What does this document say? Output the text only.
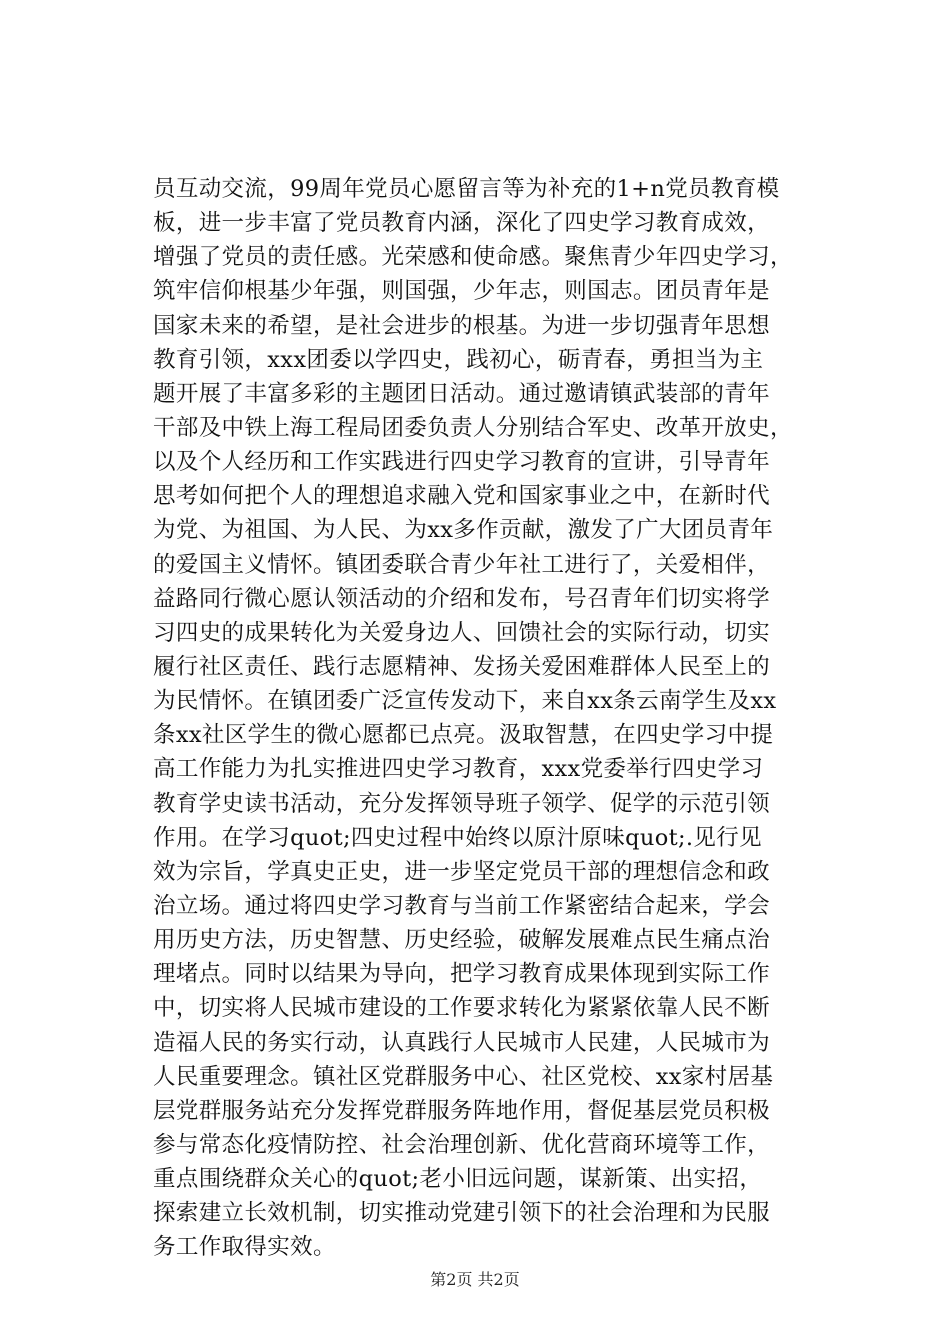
员互动交流，99周年党员心愿留言等为补充的1+n党员教育模
板，进一步丰富了党员教育内涵，深化了四史学习教育成效，
增强了党员的责任感。光荣感和使命感。聚焦青少年四史学习，
筑牢信仰根基少年强，则国强，少年志，则国志。团员青年是
国家未来的希望，是社会进步的根基。为进一步切强青年思想
教育引领，xxx团委以学四史，践初心，砺青春，勇担当为主
题开展了丰富多彩的主题团日活动。通过邀请镇武装部的青年
干部及中铁上海工程局团委负责人分别结合军史、改革开放史，
以及个人经历和工作实践进行四史学习教育的宣讲，引导青年
思考如何把个人的理想追求融入党和国家事业之中，在新时代
为党、为祖国、为人民、为xx多作贡献，激发了广大团员青年
的爱国主义情怀。镇团委联合青少年社工进行了，关爱相伴，
益路同行微心愿认领活动的介绍和发布，号召青年们切实将学
习四史的成果转化为关爱身边人、回馈社会的实际行动，切实
履行社区责任、践行志愿精神、发扬关爱困难群体人民至上的
为民情怀。在镇团委广泛宣传发动下，来自xx条云南学生及xx
条xx社区学生的微心愿都已点亮。汲取智慧，在四史学习中提
高工作能力为扎实推进四史学习教育，xxx党委举行四史学习
教育学史读书活动，充分发挥领导班子领学、促学的示范引领
作用。在学习quot;四史过程中始终以原汁原味quot;.见行见
效为宗旨，学真史正史，进一步坚定党员干部的理想信念和政
治立场。通过将四史学习教育与当前工作紧密结合起来，学会
用历史方法，历史智慧、历史经验，破解发展难点民生痛点治
理堵点。同时以结果为导向，把学习教育成果体现到实际工作
中，切实将人民城市建设的工作要求转化为紧紧依靠人民不断
造福人民的务实行动，认真践行人民城市人民建，人民城市为
人民重要理念。镇社区党群服务中心、社区党校、xx家村居基
层党群服务站充分发挥党群服务阵地作用，督促基层党员积极
参与常态化疫情防控、社会治理创新、优化营商环境等工作，
重点围绕群众关心的quot;老小旧远问题，谋新策、出实招，
探索建立长效机制，切实推动党建引领下的社会治理和为民服
务工作取得实效。
第2页 共2页
